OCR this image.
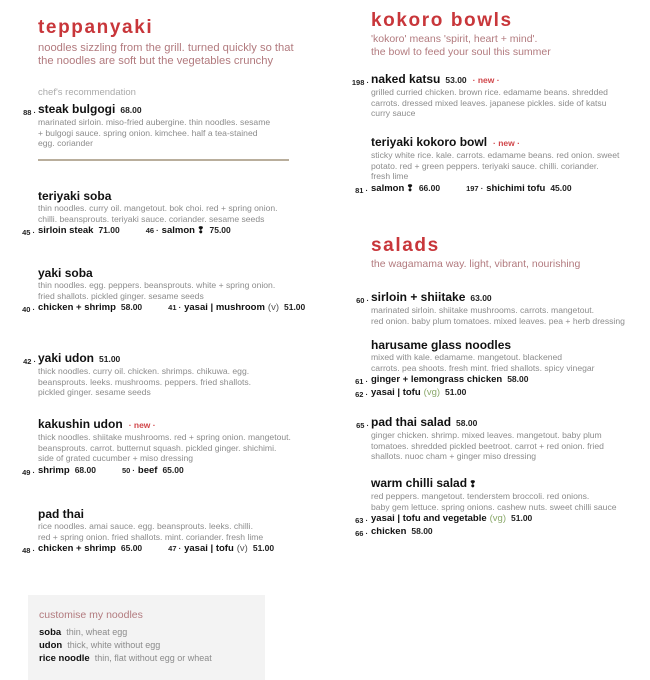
teppanyaki
noodles sizzling from the grill. turned quickly so that
the noodles are soft but the vegetables crunchy
chef's recommendation
kokoro bowls
'kokoro' means 'spirit, heart + mind'.
the bowl to feed your soul this summer
salads
the wagamama way. light, vibrant, nourishing
88 · steak bulgogi 68.00
marinated sirloin. miso-fried aubergine. thin noodles. sesame
+ bulgogi sauce. spring onion. kimchee. half a tea-stained
egg. coriander
teriyaki soba
thin noodles. curry oil. mangetout. bok choi. red + spring onion.
chilli. beansprouts. teriyaki sauce. coriander. sesame seeds
45 · sirloin steak 71.00	46 · salmon ❢ 75.00
yaki soba
thin noodles. egg. peppers. beansprouts. white + spring onion.
fried shallots. pickled ginger. sesame seeds
40 · chicken + shrimp 58.00	41 · yasai | mushroom (v) 51.00
42 · yaki udon 51.00
thick noodles. curry oil. chicken. shrimps. chikuwa. egg.
beansprouts. leeks. mushrooms. peppers. fried shallots.
pickled ginger. sesame seeds
kakushin udon · new ·
thick noodles. shiitake mushrooms. red + spring onion. mangetout.
beansprouts. carrot. butternut squash. pickled ginger. shichimi.
side of grated cucumber + miso dressing
49 · shrimp 68.00	50 · beef 65.00
pad thai
rice noodles. amai sauce. egg. beansprouts. leeks. chilli.
red + spring onion. fried shallots. mint. coriander. fresh lime
48 · chicken + shrimp 65.00	47 · yasai | tofu (v) 51.00
198 · naked katsu 53.00 · new ·
grilled curried chicken. brown rice. edamame beans. shredded
carrots. dressed mixed leaves. japanese pickles. side of katsu
curry sauce
teriyaki kokoro bowl · new ·
sticky white rice. kale. carrots. edamame beans. red onion. sweet
potato. red + green peppers. teriyaki sauce. chilli. coriander.
fresh lime
81 · salmon ❢ 66.00	197 · shichimi tofu 45.00
60 · sirloin + shiitake 63.00
marinated sirloin. shiitake mushrooms. carrots. mangetout.
red onion. baby plum tomatoes. mixed leaves. pea + herb dressing
harusame glass noodles
mixed with kale. edamame. mangetout. blackened
carrots. pea shoots. fresh mint. fried shallots. spicy vinegar
61 · ginger + lemongrass chicken 58.00
62 · yasai | tofu (vg) 51.00
65 · pad thai salad 58.00
ginger chicken. shrimp. mixed leaves. mangetout. baby plum
tomatoes. shredded pickled beetroot. carrot + red onion. fried
shallots. nuoc cham + ginger miso dressing
warm chilli salad ❢
red peppers. mangetout. tenderstem broccoli. red onions.
baby gem lettuce. spring onions. cashew nuts. sweet chilli sauce
63 · yasai | tofu and vegetable (vg) 51.00
66 · chicken 58.00
customise my noodles
soba thin, wheat egg
udon thick, white without egg
rice noodle thin, flat without egg or wheat
